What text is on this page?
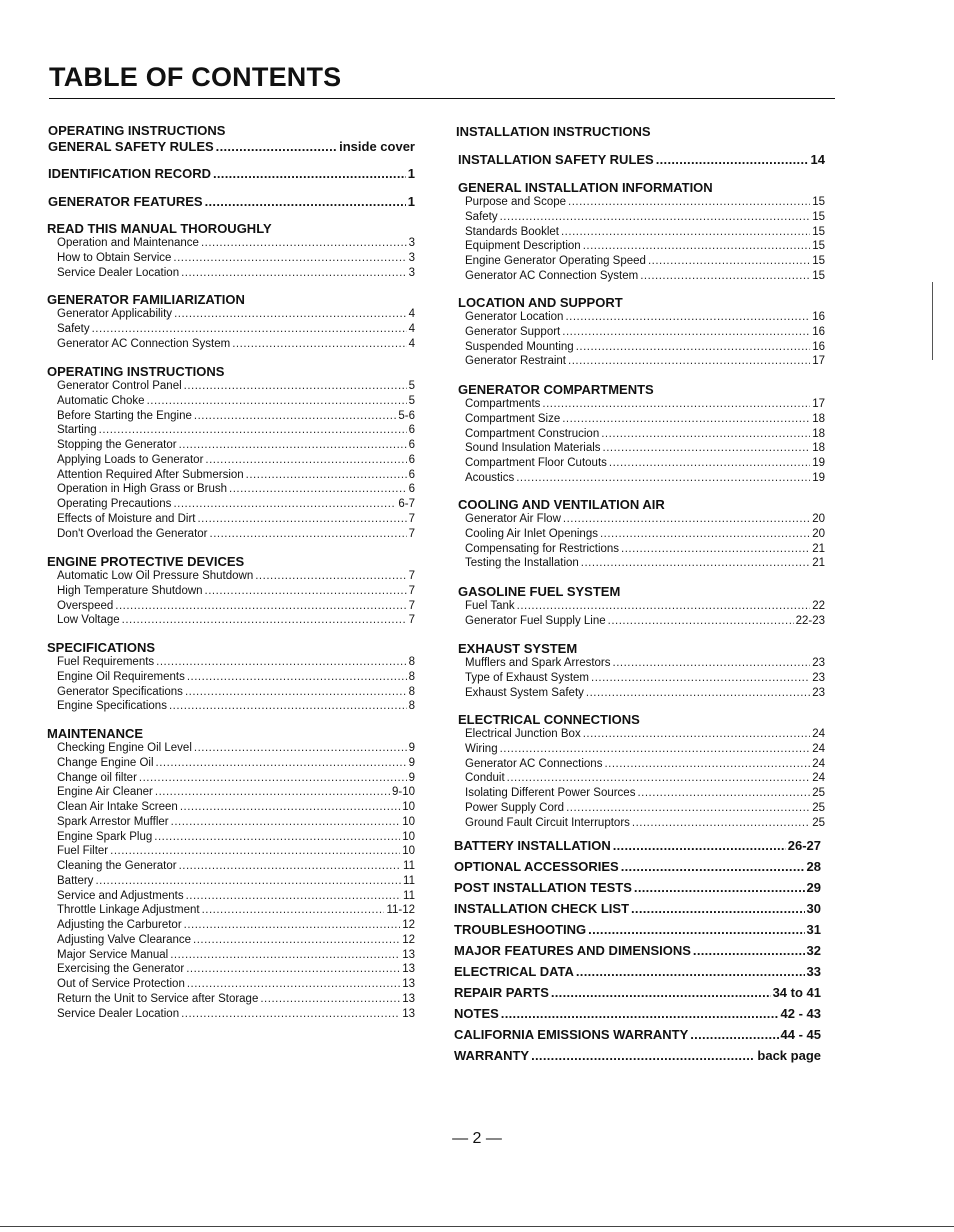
TABLE OF CONTENTS
OPERATING INSTRUCTIONS
GENERAL SAFETY RULES .....	inside cover
IDENTIFICATION RECORD .....	1
GENERATOR FEATURES .....	1
READ THIS MANUAL THOROUGHLY
Operation and Maintenance .....	3
How to Obtain Service .....	3
Service Dealer Location .....	3
GENERATOR FAMILIARIZATION
Generator Applicability .....	4
Safety .....	4
Generator AC Connection System .....	4
OPERATING INSTRUCTIONS
Generator Control Panel .....	5
Automatic Choke .....	5
Before Starting the Engine .....	5-6
Starting .....	6
Stopping the Generator .....	6
Applying Loads to Generator .....	6
Attention Required After Submersion .....	6
Operation in High Grass or Brush .....	6
Operating Precautions .....	6-7
Effects of Moisture and Dirt .....	7
Don't Overload the Generator .....	7
ENGINE PROTECTIVE DEVICES
Automatic Low Oil Pressure Shutdown .....	7
High Temperature Shutdown .....	7
Overspeed .....	7
Low Voltage .....	7
SPECIFICATIONS
Fuel Requirements .....	8
Engine Oil Requirements .....	8
Generator Specifications .....	8
Engine Specifications .....	8
MAINTENANCE
Checking Engine Oil Level .....	9
Change Engine Oil .....	9
Change oil filter .....	9
Engine Air Cleaner .....	9-10
Clean Air Intake Screen .....	10
Spark Arrestor Muffler .....	10
Engine Spark Plug .....	10
Fuel Filter .....	10
Cleaning the Generator .....	11
Battery .....	11
Service and Adjustments .....	11
Throttle Linkage Adjustment .....	11-12
Adjusting the Carburetor .....	12
Adjusting Valve Clearance .....	12
Major Service Manual .....	13
Exercising the Generator .....	13
Out of Service Protection .....	13
Return the Unit to Service after Storage .....	13
Service Dealer Location .....	13
INSTALLATION INSTRUCTIONS
INSTALLATION SAFETY RULES .....	14
GENERAL INSTALLATION INFORMATION
Purpose and Scope .....	15
Safety .....	15
Standards Booklet .....	15
Equipment Description .....	15
Engine Generator Operating Speed .....	15
Generator AC Connection System .....	15
LOCATION AND SUPPORT
Generator Location .....	16
Generator Support .....	16
Suspended Mounting .....	16
Generator Restraint .....	17
GENERATOR COMPARTMENTS
Compartments .....	17
Compartment Size .....	18
Compartment Construcion .....	18
Sound Insulation Materials .....	18
Compartment Floor Cutouts .....	19
Acoustics .....	19
COOLING AND VENTILATION AIR
Generator Air Flow .....	20
Cooling Air Inlet Openings .....	20
Compensating for Restrictions .....	21
Testing the Installation .....	21
GASOLINE FUEL SYSTEM
Fuel Tank .....	22
Generator Fuel Supply Line .....	22-23
EXHAUST SYSTEM
Mufflers and Spark Arrestors .....	23
Type of Exhaust System .....	23
Exhaust System Safety .....	23
ELECTRICAL CONNECTIONS
Electrical Junction Box .....	24
Wiring .....	24
Generator AC Connections .....	24
Conduit .....	24
Isolating Different Power Sources .....	25
Power Supply Cord .....	25
Ground Fault Circuit Interruptors .....	25
BATTERY INSTALLATION .....	26-27
OPTIONAL ACCESSORIES .....	28
POST INSTALLATION TESTS .....	29
INSTALLATION CHECK LIST .....	30
TROUBLESHOOTING .....	31
MAJOR FEATURES AND DIMENSIONS .....	32
ELECTRICAL DATA .....	33
REPAIR PARTS .....	34 to 41
NOTES .....	42 - 43
CALIFORNIA EMISSIONS WARRANTY .....	44 - 45
WARRANTY .....	back page
— 2 —
